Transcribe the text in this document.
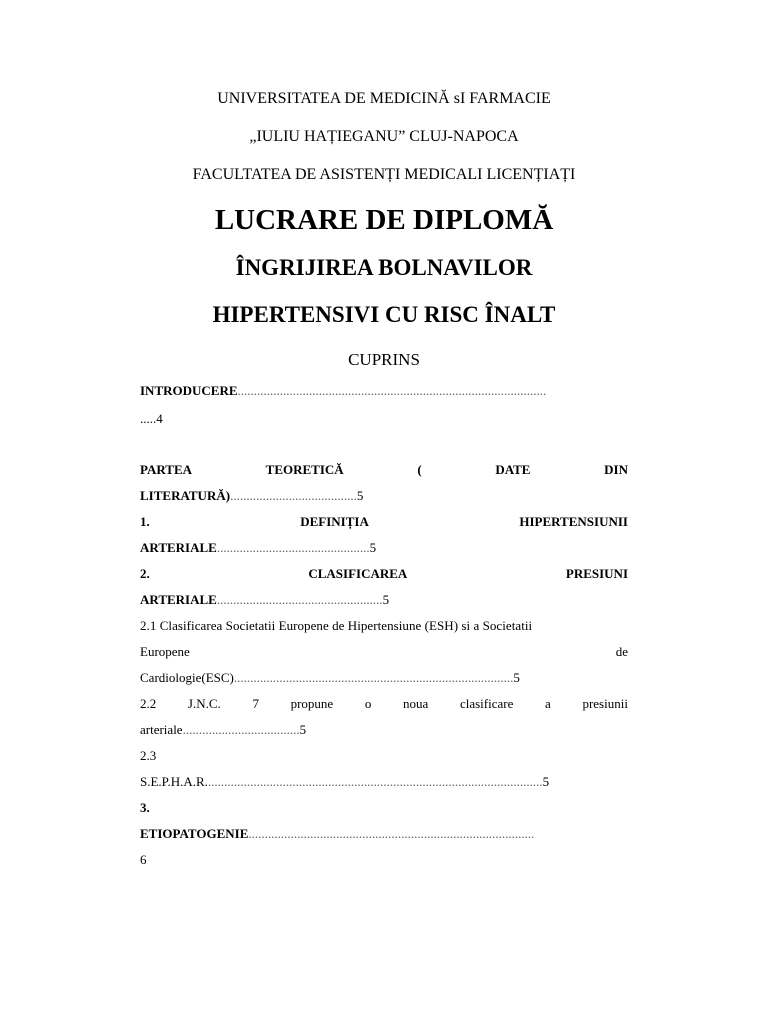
UNIVERSITATEA DE MEDICINĂ sI FARMACIE
„IULIU HAȚIEGANU” CLUJ-NAPOCA
FACULTATEA DE ASISTENȚI MEDICALI LICENȚIAȚI
LUCRARE DE DIPLOMĂ
ÎNGRIJIREA BOLNAVILOR
HIPERTENSIVI CU RISC ÎNALT
CUPRINS
INTRODUCERE...............................................................................................
.....4
PARTEA	TEORETICĂ	(	DATE	DIN
LITERATURĂ).......................................5
1.	DEFINIȚIA	HIPERTENSIUNII
ARTERIALE...............................................5
2.	CLASIFICAREA	PRESIUNI
ARTERIALE...................................................5
2.1 Clasificarea Societatii Europene de Hipertensiune (ESH) si a Societatii
Europene	de
Cardiologie(ESC)......................................................................................5
2.2 J.N.C. 7 propune o noua clasificare a presiunii
arteriale....................................5
2.3
S.E.P.H.A.R........................................................................................................5
3.
ETIOPATOGENIE........................................................................................
6
